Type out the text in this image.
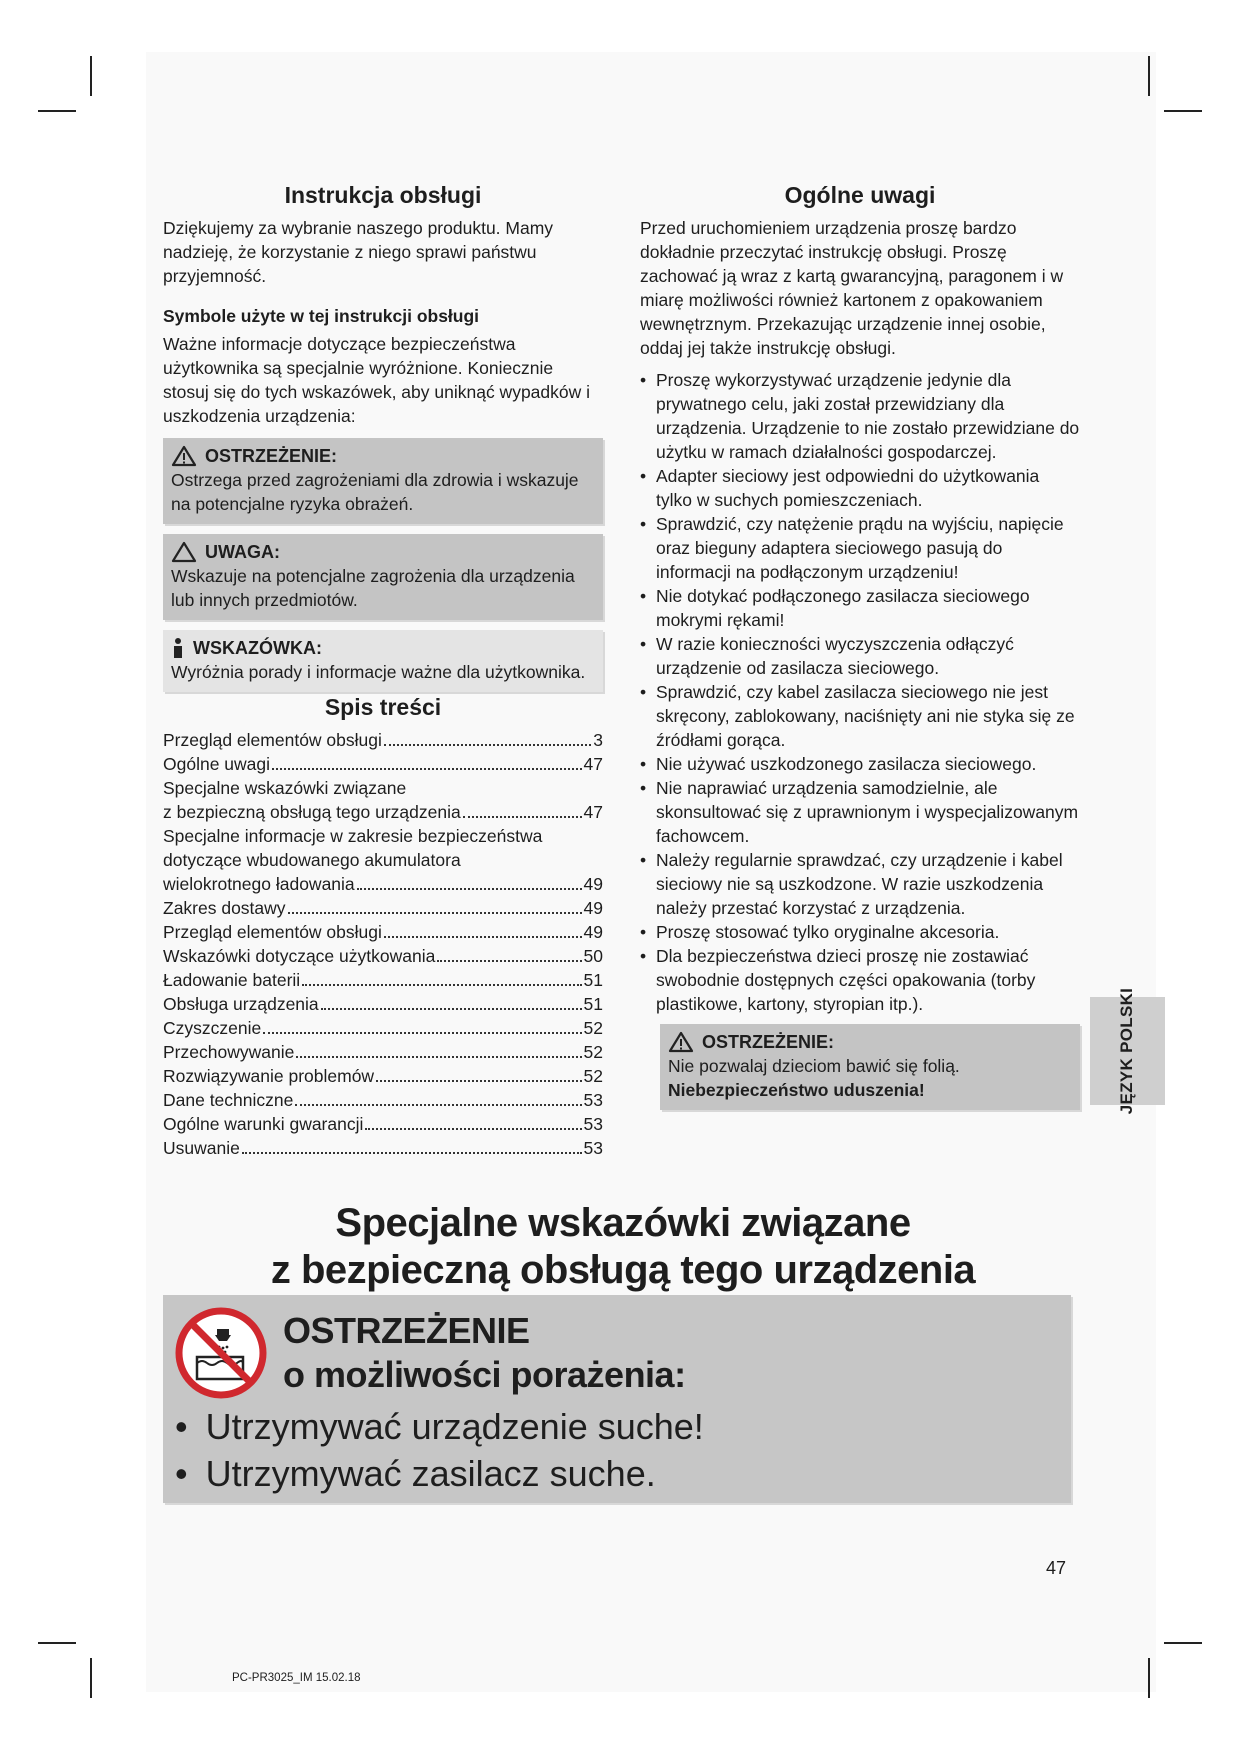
Instrukcja obsługi

Dziękujemy za wybranie naszego produktu. Mamy nadzieję, że korzystanie z niego sprawi państwu przyjemność.

Symbole użyte w tej instrukcji obsługi

Ważne informacje dotyczące bezpieczeństwa użytkownika są specjalnie wyróżnione. Koniecznie stosuj się do tych wskazówek, aby uniknąć wypadków i uszkodzenia urządzenia:

OSTRZEŻENIE:

Ostrzega przed zagrożeniami dla zdrowia i wskazuje na potencjalne ryzyka obrażeń.

UWAGA:

Wskazuje na potencjalne zagrożenia dla urządzenia lub innych przedmiotów.

WSKAZÓWKA:

Wyróżnia porady i informacje ważne dla użytkownika.

Spis treści
Przegląd elementów obsługi	3
Ogólne uwagi	47
Specjalne wskazówki związane
z bezpieczną obsługą tego urządzenia	47
Specjalne informacje w zakresie bezpieczeństwa dotyczące wbudowanego akumulatora
wielokrotnego ładowania	49
Zakres dostawy	49
Przegląd elementów obsługi	49
Wskazówki dotyczące użytkowania	50
Ładowanie baterii	51
Obsługa urządzenia	51
Czyszczenie	52
Przechowywanie	52
Rozwiązywanie problemów	52
Dane techniczne	53
Ogólne warunki gwarancji	53
Usuwanie	53
Ogólne uwagi

Przed uruchomieniem urządzenia proszę bardzo dokładnie przeczytać instrukcję obsługi. Proszę zachować ją wraz z kartą gwarancyjną, paragonem i w miarę możliwości również kartonem z opakowaniem wewnętrznym. Przekazując urządzenie innej osobie, oddaj jej także instrukcję obsługi.

• Proszę wykorzystywać urządzenie jedynie dla prywatnego celu, jaki został przewidziany dla urządzenia. Urządzenie to nie zostało przewidziane do użytku w ramach działalności gospodarczej.
• Adapter sieciowy jest odpowiedni do użytkowania tylko w suchych pomieszczeniach.
• Sprawdzić, czy natężenie prądu na wyjściu, napięcie oraz bieguny adaptera sieciowego pasują do informacji na podłączonym urządzeniu!
• Nie dotykać podłączonego zasilacza sieciowego mokrymi rękami!
• W razie konieczności wyczyszczenia odłączyć urządzenie od zasilacza sieciowego.
• Sprawdzić, czy kabel zasilacza sieciowego nie jest skręcony, zablokowany, naciśnięty ani nie styka się ze źródłami gorąca.
• Nie używać uszkodzonego zasilacza sieciowego.
• Nie naprawiać urządzenia samodzielnie, ale skonsultować się z uprawnionym i wyspecjalizowanym fachowcem.
• Należy regularnie sprawdzać, czy urządzenie i kabel sieciowy nie są uszkodzone. W razie uszkodzenia należy przestać korzystać z urządzenia.
• Proszę stosować tylko oryginalne akcesoria.
• Dla bezpieczeństwa dzieci proszę nie zostawiać swobodnie dostępnych części opakowania (torby plastikowe, kartony, styropian itp.).
OSTRZEŻENIE:

Nie pozwalaj dzieciom bawić się folią.

Niebezpieczeństwo uduszenia!	JĘZYK POLSKI
Specjalne wskazówki związane
z bezpieczną obsługą tego urządzenia
OSTRZEŻENIE
o możliwości porażenia:
• Utrzymywać urządzenie suche!
• Utrzymywać zasilacz suche.
47
PC-PR3025_IM 15.02.18
